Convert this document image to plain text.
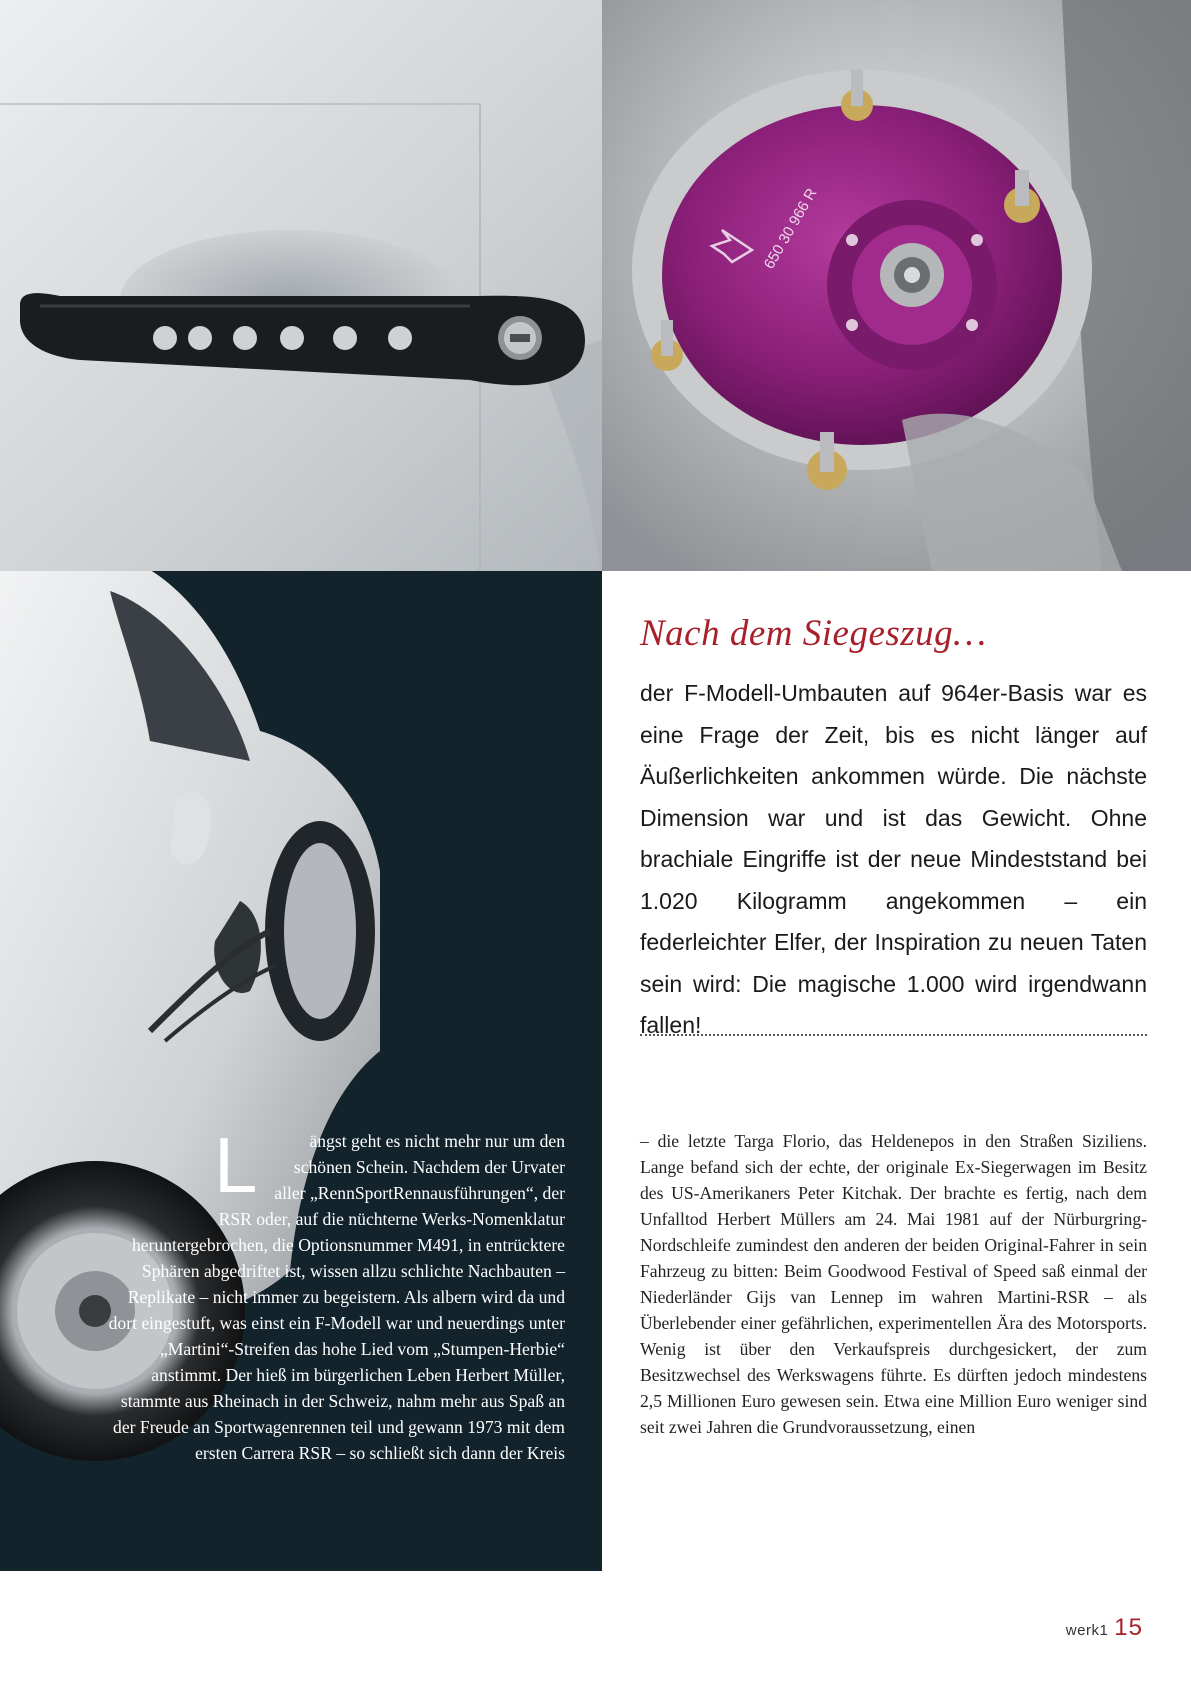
650 30 966 R
Nach dem Siegeszug…
der F-Modell-Umbauten auf 964er-Basis war es eine Frage der Zeit, bis es nicht länger auf Äußerlichkeiten ankommen würde. Die nächste Dimension war und ist das Gewicht. Ohne brachiale Eingriffe ist der neue Mindeststand bei 1.020 Kilogramm angekommen – ein federleichter Elfer, der Inspiration zu neuen Taten sein wird: Die magische 1.000 wird irgendwann fallen!
L	ängst geht es nicht mehr nur um den schönen Schein. Nachdem der Urvater aller „RennSportRennausführungen“, der RSR oder, auf die nüchterne Werks-Nomenklatur heruntergebrochen, die Optionsnummer M491, in entrücktere Sphären abgedriftet ist, wissen allzu schlichte Nachbauten – Replikate – nicht immer zu begeistern. Als albern wird da und dort eingestuft, was einst ein F-Modell war und neuerdings unter „Martini“-Streifen das hohe Lied vom „Stumpen-Herbie“ anstimmt. Der hieß im bürgerlichen Leben Herbert Müller, stammte aus Rheinach in der Schweiz, nahm mehr aus Spaß an der Freude an Sportwagenrennen teil und gewann 1973 mit dem ersten Carrera RSR – so schließt sich dann der Kreis

– die letzte Targa Florio, das Heldenepos in den Straßen Siziliens. Lange befand sich der echte, der originale Ex-Siegerwagen im Besitz des US-Amerikaners Peter Kitchak. Der brachte es fertig, nach dem Unfalltod Herbert Müllers am 24. Mai 1981 auf der Nürburgring-Nordschleife zumindest den anderen der beiden Original-Fahrer in sein Fahrzeug zu bitten: Beim Goodwood Festival of Speed saß einmal der Niederländer Gijs van Lennep im wahren Martini-RSR – als Überlebender einer gefährlichen, experimentellen Ära des Motorsports. Wenig ist über den Verkaufspreis durchgesickert, der zum Besitzwechsel des Werkswagens führte. Es dürften jedoch mindestens 2,5 Millionen Euro gewesen sein. Etwa eine Million Euro weniger sind seit zwei Jahren die Grundvoraussetzung, einen

werk1 15
